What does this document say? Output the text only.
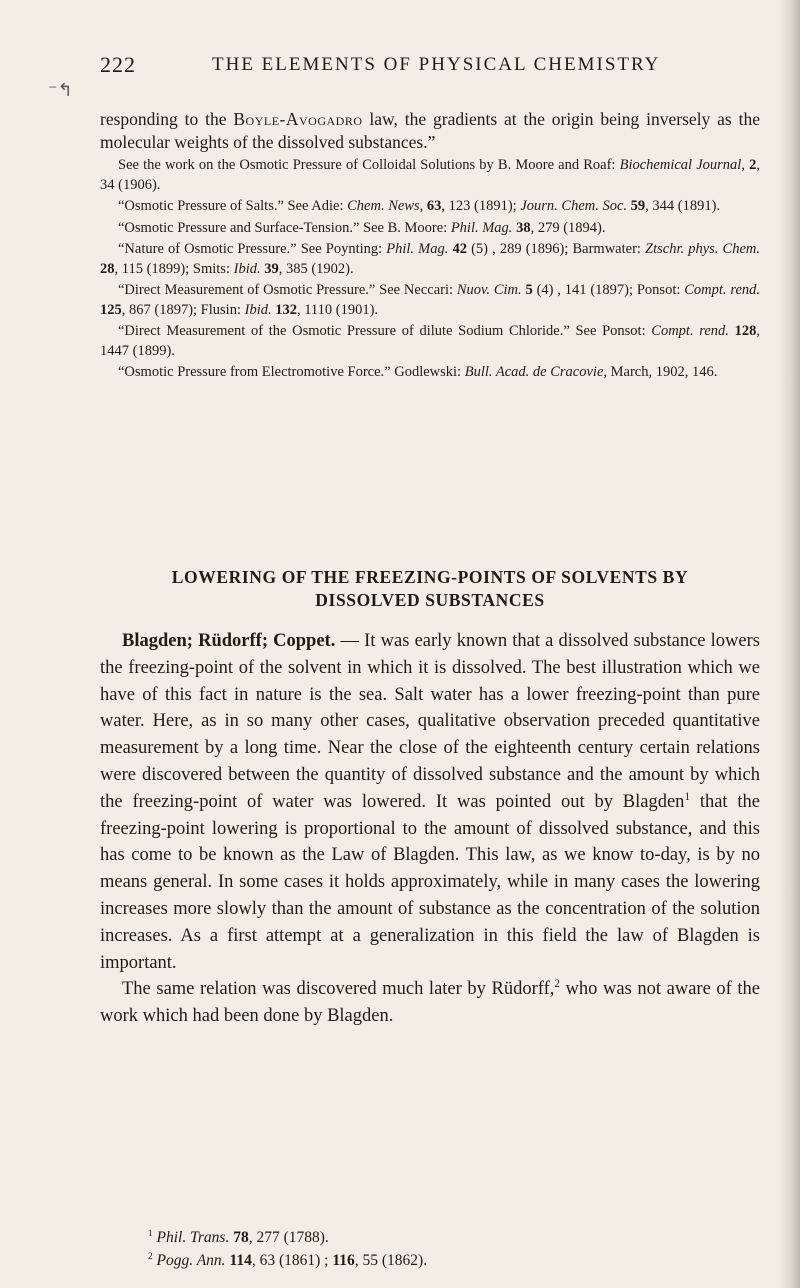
⁻↰
222	THE ELEMENTS OF PHYSICAL CHEMISTRY

responding to the Boyle-Avogadro law, the gradients at the origin being inversely as the molecular weights of the dissolved substances.”

See the work on the Osmotic Pressure of Colloidal Solutions by B. Moore and Roaf: Biochemical Journal, 2, 34 (1906).
“Osmotic Pressure of Salts.” See Adie: Chem. News, 63, 123 (1891); Journ. Chem. Soc. 59, 344 (1891).
“Osmotic Pressure and Surface-Tension.” See B. Moore: Phil. Mag. 38, 279 (1894).
“Nature of Osmotic Pressure.” See Poynting: Phil. Mag. 42 (5) , 289 (1896); Barmwater: Ztschr. phys. Chem. 28, 115 (1899); Smits: Ibid. 39, 385 (1902).
“Direct Measurement of Osmotic Pressure.” See Neccari: Nuov. Cim. 5 (4) , 141 (1897); Ponsot: Compt. rend. 125, 867 (1897); Flusin: Ibid. 132, 1110 (1901).
“Direct Measurement of the Osmotic Pressure of dilute Sodium Chloride.” See Ponsot: Compt. rend. 128, 1447 (1899).
“Osmotic Pressure from Electromotive Force.” Godlewski: Bull. Acad. de Cracovie, March, 1902, 146.
LOWERING OF THE FREEZING-POINTS OF SOLVENTS BY
DISSOLVED SUBSTANCES

Blagden; Rüdorff; Coppet. — It was early known that a dissolved substance lowers the freezing-point of the solvent in which it is dissolved. The best illustration which we have of this fact in nature is the sea. Salt water has a lower freezing-point than pure water. Here, as in so many other cases, qualitative observation preceded quantitative measurement by a long time. Near the close of the eighteenth century certain relations were discovered between the quantity of dissolved substance and the amount by which the freezing-point of water was lowered. It was pointed out by Blagden$^1$ that the freezing-point lowering is proportional to the amount of dissolved substance, and this has come to be known as the Law of Blagden. This law, as we know to-day, is by no means general. In some cases it holds approximately, while in many cases the lowering increases more slowly than the amount of substance as the concentration of the solution increases. As a first attempt at a generalization in this field the law of Blagden is important.

The same relation was discovered much later by Rüdorff,$^2$ who was not aware of the work which had been done by Blagden.

$^1$ Phil. Trans. 78, 277 (1788).

$^2$ Pogg. Ann. 114, 63 (1861) ; 116, 55 (1862).
